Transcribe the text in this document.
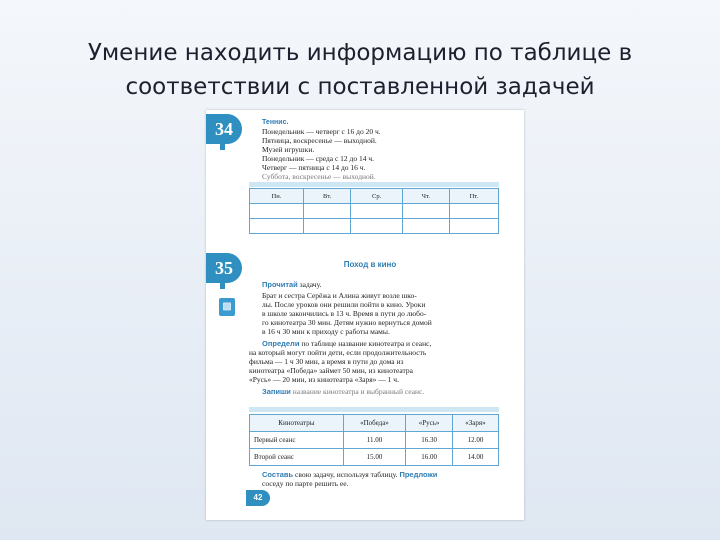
Умение находить информацию по таблице в
соответствии с поставленной задачей
34	Теннис.
Понедельник — четверг с 16 до 20 ч.
Пятница, воскресенье — выходной.
Музей игрушки.
Понедельник — среда с 12 до 14 ч.
Четверг — пятница с 14 до 16 ч.
Суббота, воскресенье — выходной.
Пн.	Вт.	Ср.	Чт.	Пт.

35	Поход в кино
▩
Прочитай задачу.
Брат и сестра Серёжа и Алина живут возле шко-
лы. После уроков они решили пойти в кино. Уроки
в школе закончились в 13 ч. Время в пути до любо-
го кинотеатра 30 мин. Детям нужно вернуться домой
в 16 ч 30 мин к приходу с работы мамы.
Определи по таблице название кинотеатра и сеанс,
на который могут пойти дети, если продолжительность
фильма — 1 ч 30 мин, а время в пути до дома из
кинотеатра «Победа» займет 50 мин, из кинотеатра
«Русь» — 20 мин, из кинотеатра «Заря» — 1 ч.
Запиши название кинотеатра и выбранный сеанс.
Кинотеатры	«Победа»	«Русь»	«Заря»
Первый сеанс	11.00	16.30	12.00
Второй сеанс	15.00	16.00	14.00
Составь свою задачу, используя таблицу. Предложи
соседу по парте решить ее.
42
